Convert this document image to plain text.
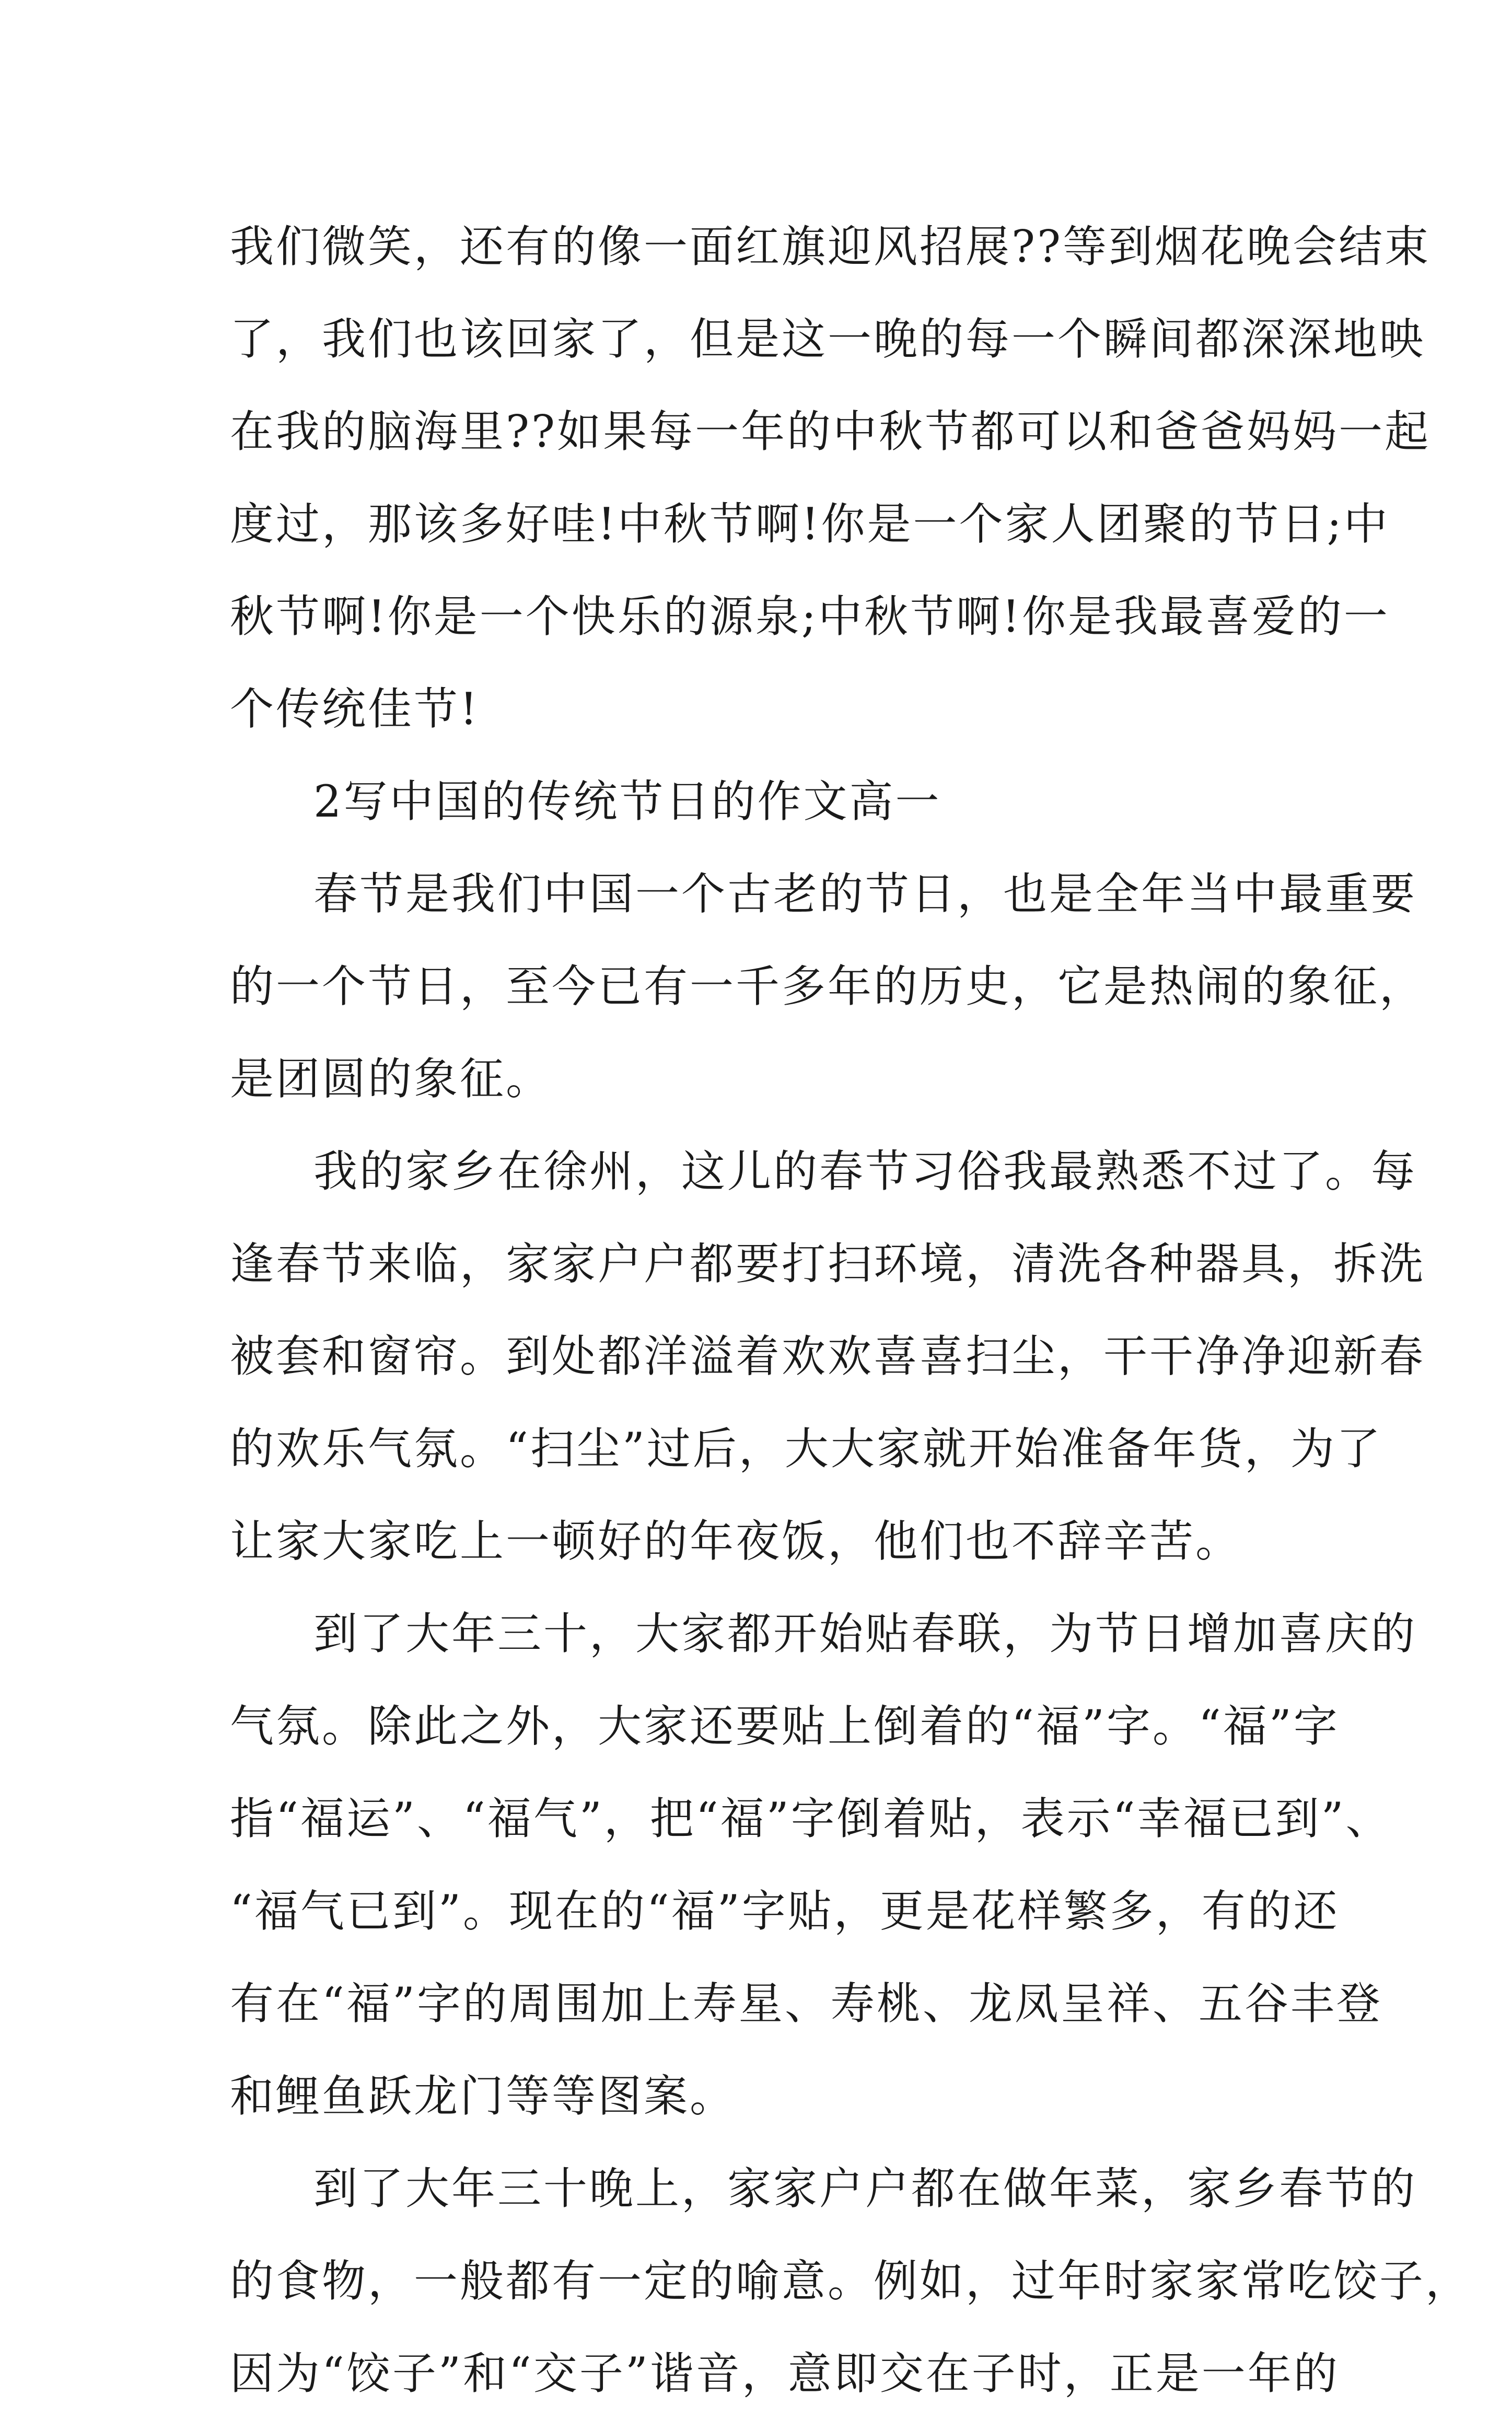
我们微笑，还有的像一面红旗迎风招展??等到烟花晚会结束
了，我们也该回家了，但是这一晚的每一个瞬间都深深地映
在我的脑海里??如果每一年的中秋节都可以和爸爸妈妈一起
度过，那该多好哇!中秋节啊!你是一个家人团聚的节日;中
秋节啊!你是一个快乐的源泉;中秋节啊!你是我最喜爱的一
个传统佳节!
2写中国的传统节日的作文高一
春节是我们中国一个古老的节日，也是全年当中最重要
的一个节日，至今已有一千多年的历史，它是热闹的象征，
是团圆的象征。
我的家乡在徐州，这儿的春节习俗我最熟悉不过了。每
逢春节来临，家家户户都要打扫环境，清洗各种器具，拆洗
被套和窗帘。到处都洋溢着欢欢喜喜扫尘，干干净净迎新春
的欢乐气氛。“扫尘”过后，大大家就开始准备年货，为了
让家大家吃上一顿好的年夜饭，他们也不辞辛苦。
到了大年三十，大家都开始贴春联，为节日增加喜庆的
气氛。除此之外，大家还要贴上倒着的“福”字。“福”字
指“福运”、“福气”，把“福”字倒着贴，表示“幸福已到”、
“福气已到”。现在的“福”字贴，更是花样繁多，有的还
有在“福”字的周围加上寿星、寿桃、龙凤呈祥、五谷丰登
和鲤鱼跃龙门等等图案。
到了大年三十晚上，家家户户都在做年菜，家乡春节的
的食物，一般都有一定的喻意。例如，过年时家家常吃饺子，
因为“饺子”和“交子”谐音，意即交在子时，正是一年的
